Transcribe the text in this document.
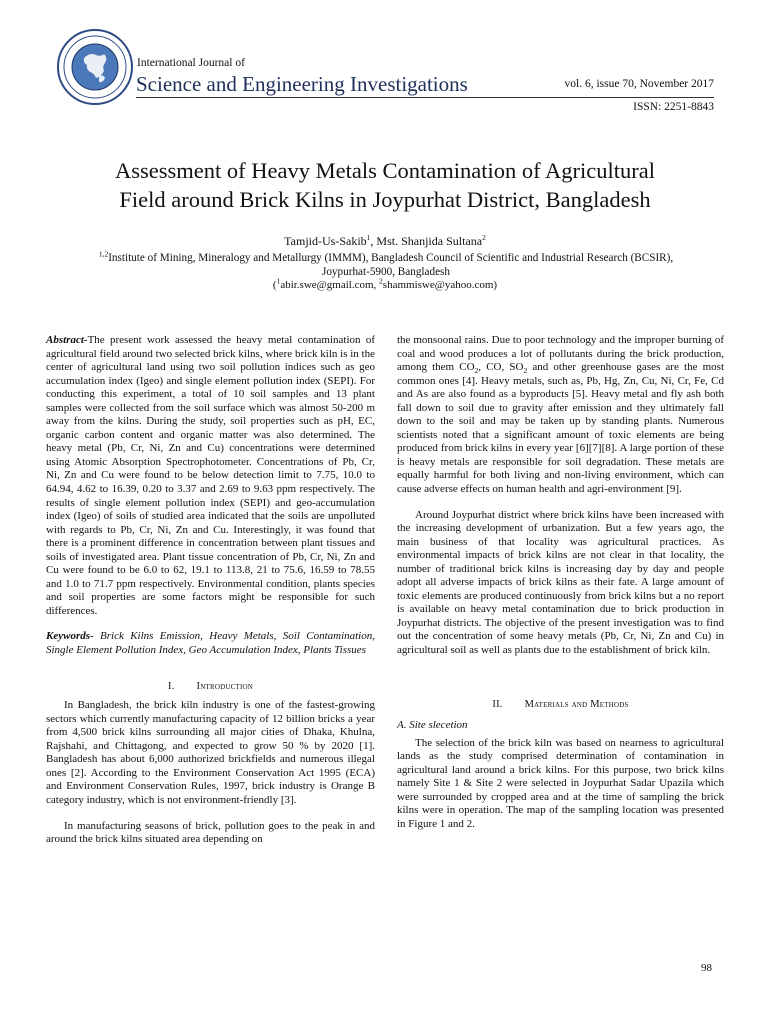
International Journal of
Science and Engineering Investigations	vol. 6, issue 70, November 2017
ISSN: 2251-8843
Assessment of Heavy Metals Contamination of Agricultural
Field around Brick Kilns in Joypurhat District, Bangladesh
Tamjid-Us-Sakib$^1$, Mst. Shanjida Sultana$^2$
$^{1,2}$Institute of Mining, Mineralogy and Metallurgy (IMMM), Bangladesh Council of Scientific and Industrial Research (BCSIR),
Joypurhat-5900, Bangladesh
($^1$abir.swe@gmail.com, $^2$shammiswe@yahoo.com)

Abstract-The present work assessed the heavy metal contamination of agricultural field around two selected brick kilns, where brick kiln is in the center of agricultural land using two soil pollution indices such as geo accumulation index (Igeo) and single element pollution index (SEPI). For conducting this experiment, a total of 10 soil samples and 13 plant samples were collected from the soil surface which was almost 50-200 m away from the kilns. During the study, soil properties such as pH, EC, organic carbon content and organic matter was also determined. The heavy metal (Pb, Cr, Ni, Zn and Cu) concentrations were determined using Atomic Absorption Spectrophotometer. Concentrations of Pb, Cr, Ni, Zn and Cu were found to be below detection limit to 7.75, 10.0 to 64.94, 4.62 to 16.39, 0.20 to 3.37 and 2.69 to 9.63 ppm respectively. The results of single element pollution index (SEPI) and geo-accumulation index (Igeo) of soils of studied area indicated that the soils are unpolluted with regards to Pb, Cr, Ni, Zn and Cu. Interestingly, it was found that there is a prominent difference in concentration between plant tissues and soils of investigated area. Plant tissue concentration of Pb, Cr, Ni, Zn and Cu were found to be 6.0 to 62, 19.1 to 113.8, 21 to 75.6, 16.59 to 78.55 and 1.0 to 71.7 ppm respectively. Environmental condition, plants species and soil properties are some factors might be responsible for such differences.

Keywords- Brick Kilns Emission, Heavy Metals, Soil Contamination, Single Element Pollution Index, Geo Accumulation Index, Plants Tissues

I. Introduction

In Bangladesh, the brick kiln industry is one of the fastest-growing sectors which currently manufacturing capacity of 12 billion bricks a year from 4,500 brick kilns surrounding all major cities of Dhaka, Khulna, Rajshahi, and Chittagong, and expected to grow 50 % by 2020 [1]. Bangladesh has about 6,000 authorized brickfields and numerous illegal ones [2]. According to the Environment Conservation Act 1995 (ECA) and Environment Conservation Rules, 1997, brick industry is Orange B category industry, which is not environment-friendly [3].

In manufacturing seasons of brick, pollution goes to the peak in and around the brick kilns situated area depending on

the monsoonal rains. Due to poor technology and the improper burning of coal and wood produces a lot of pollutants during the brick production, among them $CO_2$, CO, $SO_2$ and other greenhouse gases are the most common ones [4]. Heavy metals, such as, Pb, Hg, Zn, Cu, Ni, Cr, Fe, Cd and As are also found as a byproducts [5]. Heavy metal and fly ash both fall down to soil due to gravity after emission and they ultimately fall down to the soil and may be taken up by standing plants. Numerous scientists noted that a significant amount of toxic elements are being produced from brick kilns in every year [6][7][8]. A large portion of these is heavy metals are responsible for soil degradation. These metals are equally harmful for both living and non-living environment, which can cause adverse effects on human health and agri-environment [9].

Around Joypurhat district where brick kilns have been increased with the increasing development of urbanization. But a few years ago, the main business of that locality was agricultural practices. As environmental impacts of brick kilns are not clear in that locality, the number of traditional brick kilns is increasing day by day and people adopt all adverse impacts of brick kilns as their fate. A large amount of toxic elements are produced continuously from brick kilns but a no report is available on heavy metal contamination due to brick production in Joypurhat districts. The objective of the present investigation was to find out the concentration of some heavy metals (Pb, Cr, Ni, Zn and Cu) in agricultural soil as well as plants due to the establishment of brick kiln.

II. Materials and Methods

A. Site slecetion

The selection of the brick kiln was based on nearness to agricultural lands as the study comprised determination of contamination in agricultural land around a brick kilns. For this purpose, two brick kilns namely Site 1 & Site 2 were selected in Joypurhat Sadar Upazila which were surrounded by cropped area and at the time of sampling the brick kilns were in operation. The map of the sampling location was presented in Figure 1 and 2.

98
